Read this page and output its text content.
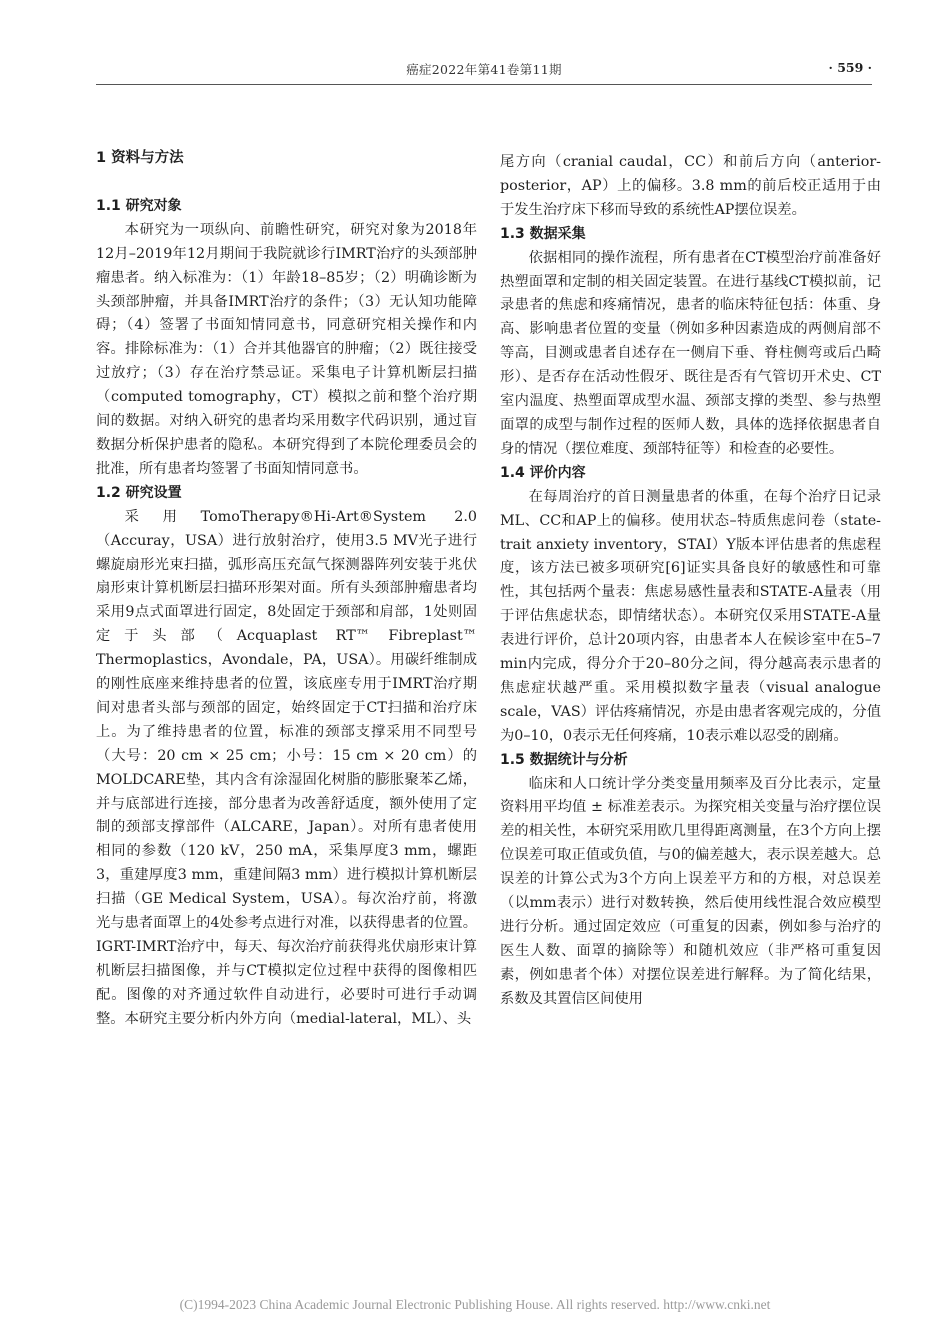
癌症2022年第41卷第11期	· 559 ·
1 资料与方法
1.1 研究对象

本研究为一项纵向、前瞻性研究，研究对象为2018年12月–2019年12月期间于我院就诊行IMRT治疗的头颈部肿瘤患者。纳入标准为：（1）年龄18–85岁；（2）明确诊断为头颈部肿瘤，并具备IMRT治疗的条件；（3）无认知功能障碍；（4）签署了书面知情同意书，同意研究相关操作和内容。排除标准为：（1）合并其他器官的肿瘤；（2）既往接受过放疗；（3）存在治疗禁忌证。采集电子计算机断层扫描（computed tomography，CT）模拟之前和整个治疗期间的数据。对纳入研究的患者均采用数字代码识别，通过盲数据分析保护患者的隐私。本研究得到了本院伦理委员会的批准，所有患者均签署了书面知情同意书。

1.2 研究设置

采用TomoTherapy®Hi-Art®System 2.0（Accuray，USA）进行放射治疗，使用3.5 MV光子进行螺旋扇形光束扫描，弧形高压充氙气探测器阵列安装于兆伏扇形束计算机断层扫描环形架对面。所有头颈部肿瘤患者均采用9点式面罩进行固定，8处固定于颈部和肩部，1处则固定于头部（Acquaplast RT™ Fibreplast™ Thermoplastics，Avondale，PA，USA）。用碳纤维制成的刚性底座来维持患者的位置，该底座专用于IMRT治疗期间对患者头部与颈部的固定，始终固定于CT扫描和治疗床上。为了维持患者的位置，标准的颈部支撑采用不同型号（大号：20 cm × 25 cm；小号：15 cm × 20 cm）的MOLDCARE垫，其内含有涂湿固化树脂的膨胀聚苯乙烯，并与底部进行连接，部分患者为改善舒适度，额外使用了定制的颈部支撑部件（ALCARE，Japan）。对所有患者使用相同的参数（120 kV，250 mA，采集厚度3 mm，螺距3，重建厚度3 mm，重建间隔3 mm）进行模拟计算机断层扫描（GE Medical System，USA）。每次治疗前，将激光与患者面罩上的4处参考点进行对准，以获得患者的位置。IGRT-IMRT治疗中，每天、每次治疗前获得兆伏扇形束计算机断层扫描图像，并与CT模拟定位过程中获得的图像相匹配。图像的对齐通过软件自动进行，必要时可进行手动调整。本研究主要分析内外方向（medial-lateral，ML）、头

尾方向（cranial caudal，CC）和前后方向（anterior-posterior，AP）上的偏移。3.8 mm的前后校正适用于由于发生治疗床下移而导致的系统性AP摆位误差。

1.3 数据采集

依据相同的操作流程，所有患者在CT模型治疗前准备好热塑面罩和定制的相关固定装置。在进行基线CT模拟前，记录患者的焦虑和疼痛情况，患者的临床特征包括：体重、身高、影响患者位置的变量（例如多种因素造成的两侧肩部不等高，目测或患者自述存在一侧肩下垂、脊柱侧弯或后凸畸形）、是否存在活动性假牙、既往是否有气管切开术史、CT室内温度、热塑面罩成型水温、颈部支撑的类型、参与热塑面罩的成型与制作过程的医师人数，具体的选择依据患者自身的情况（摆位难度、颈部特征等）和检查的必要性。

1.4 评价内容

在每周治疗的首日测量患者的体重，在每个治疗日记录ML、CC和AP上的偏移。使用状态–特质焦虑问卷（state-trait anxiety inventory，STAI）Y版本评估患者的焦虑程度，该方法已被多项研究[6]证实具备良好的敏感性和可靠性，其包括两个量表：焦虑易感性量表和STATE-A量表（用于评估焦虑状态，即情绪状态）。本研究仅采用STATE-A量表进行评价，总计20项内容，由患者本人在候诊室中在5–7 min内完成，得分介于20–80分之间，得分越高表示患者的焦虑症状越严重。采用模拟数字量表（visual analogue scale，VAS）评估疼痛情况，亦是由患者客观完成的，分值为0–10，0表示无任何疼痛，10表示难以忍受的剧痛。

1.5 数据统计与分析

临床和人口统计学分类变量用频率及百分比表示，定量资料用平均值 ± 标准差表示。为探究相关变量与治疗摆位误差的相关性，本研究采用欧几里得距离测量，在3个方向上摆位误差可取正值或负值，与0的偏差越大，表示误差越大。总误差的计算公式为3个方向上误差平方和的方根，对总误差（以mm表示）进行对数转换，然后使用线性混合效应模型进行分析。通过固定效应（可重复的因素，例如参与治疗的医生人数、面罩的摘除等）和随机效应（非严格可重复因素，例如患者个体）对摆位误差进行解释。为了简化结果，系数及其置信区间使用

(C)1994-2023 China Academic Journal Electronic Publishing House. All rights reserved. http://www.cnki.net
